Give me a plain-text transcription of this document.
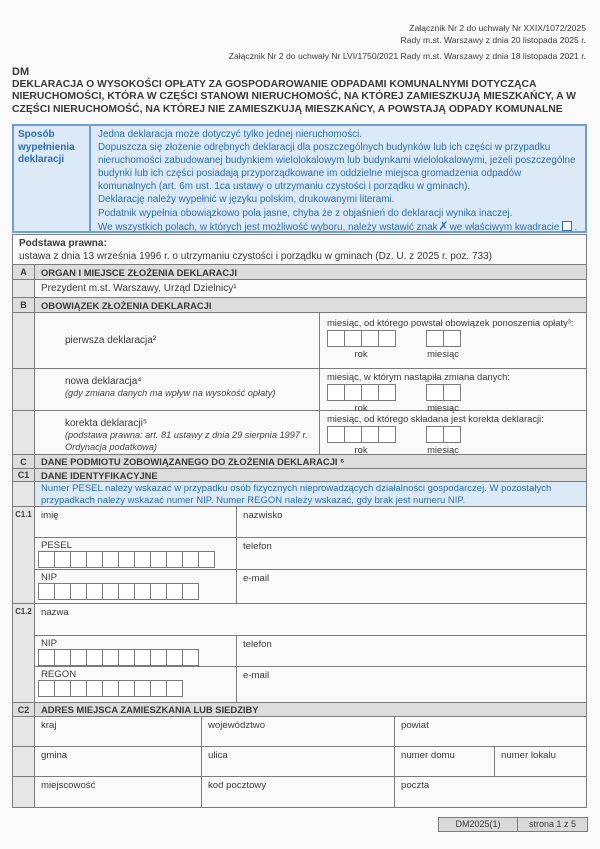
Załącznik Nr 2 do uchwały Nr XXIX/1072/2025
Rady m.st. Warszawy z dnia 20 listopada 2025 r.
Załącznik Nr 2 do uchwały Nr LVI/1750/2021 Rady m.st. Warszawy z dnia 18 listopada 2021 r.
DM
DEKLARACJA O WYSOKOŚCI OPŁATY ZA GOSPODAROWANIE ODPADAMI KOMUNALNYMI DOTYCZĄCA NIERUCHOMOŚCI, KTÓRA W CZĘŚCI STANOWI NIERUCHOMOŚĆ, NA KTÓREJ ZAMIESZKUJĄ MIESZKAŃCY, A W CZĘŚCI NIERUCHOMOŚĆ, NA KTÓREJ NIE ZAMIESZKUJĄ MIESZKAŃCY, A POWSTAJĄ ODPADY KOMUNALNE
Sposób wypełnienia deklaracji
Jedna deklaracja może dotyczyć tylko jednej nieruchomości.
Dopuszcza się złożenie odrębnych deklaracji dla poszczególnych budynków lub ich części w przypadku nieruchomości zabudowanej budynkiem wielolokalowym lub budynkami wielolokalowymi, jeżeli poszczególne budynki lub ich części posiadają przyporządkowane im oddzielne miejsca gromadzenia odpadów komunalnych (art. 6m ust. 1ca ustawy o utrzymaniu czystości i porządku w gminach).
Deklarację należy wypełnić w języku polskim, drukowanymi literami.
Podatnik wypełnia obowiązkowo pola jasne, chyba że z objaśnień do deklaracji wynika inaczej.
We wszystkich polach, w których jest możliwość wyboru, należy wstawić znak✗we właściwym kwadracie .
Podstawa prawna:
ustawa z dnia 13 września 1996 r. o utrzymaniu czystości i porządku w gminach (Dz. U. z 2025 r. poz. 733)
A	ORGAN I MIEJSCE ZŁOŻENIA DEKLARACJI
Prezydent m.st. Warszawy, Urząd Dzielnicy¹
B	OBOWIĄZEK ZŁOŻENIA DEKLARACJI
pierwsza deklaracja²
miesiąc, od którego powstał obowiązek ponoszenia opłaty³:
rok	miesiąc
nowa deklaracja⁴
(gdy zmiana danych ma wpływ na wysokość opłaty)
miesiąc, w którym nastąpiła zmiana danych:
rok	miesiąc
korekta deklaracji⁵
(podstawa prawna: art. 81 ustawy z dnia 29 sierpnia 1997 r. Ordynacja podatkowa)
miesiąc, od którego składana jest korekta deklaracji:
rok	miesiąc
C	DANE PODMIOTU ZOBOWIĄZANEGO DO ZŁOŻENIA DEKLARACJI ⁶
C1	DANE IDENTYFIKACYJNE
Numer PESEL należy wskazać w przypadku osób fizycznych nieprowadzących działalności gospodarczej. W pozostałych przypadkach należy wskazać numer NIP. Numer REGON należy wskazać, gdy brak jest numeru NIP.
C1.1 imię	nazwisko
PESEL	telefon
NIP	e-mail
C1.2 nazwa
NIP	telefon
REGON	e-mail
C2	ADRES MIEJSCA ZAMIESZKANIA LUB SIEDZIBY
kraj	województwo	powiat
gmina	ulica	numer domu	numer lokalu
miejscowość	kod pocztowy	poczta
DM2025(1)	strona 1 z 5
